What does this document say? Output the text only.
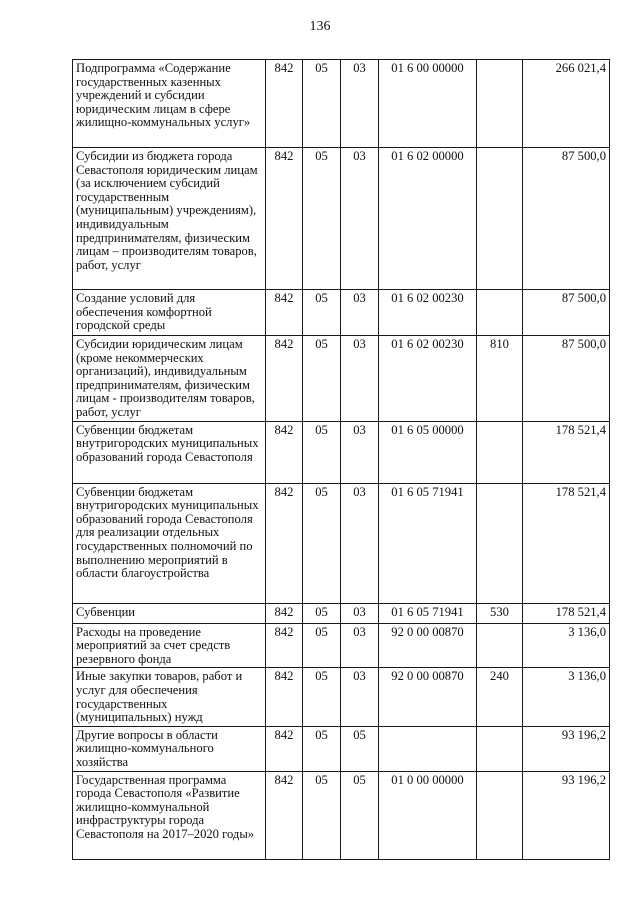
136
Подпрограмма «Содержание государственных казенных учреждений и субсидии юридическим лицам в сфере жилищно-коммунальных услуг»	842	05	03	01 6 00 00000		266 021,4
Субсидии из бюджета города Севастополя юридическим лицам (за исключением субсидий государственным (муниципальным) учреждениям), индивидуальным предпринимателям, физическим лицам – производителям товаров, работ, услуг	842	05	03	01 6 02 00000		87 500,0
Создание условий для обеспечения комфортной городской среды	842	05	03	01 6 02 00230		87 500,0
Субсидии юридическим лицам (кроме некоммерческих организаций), индивидуальным предпринимателям, физическим лицам - производителям товаров, работ, услуг	842	05	03	01 6 02 00230	810	87 500,0
Субвенции бюджетам внутригородских муниципальных образований города Севастополя	842	05	03	01 6 05 00000		178 521,4
Субвенции бюджетам внутригородских муниципальных образований города Севастополя для реализации отдельных государственных полномочий по выполнению мероприятий в области благоустройства	842	05	03	01 6 05 71941		178 521,4
Субвенции	842	05	03	01 6 05 71941	530	178 521,4
Расходы на проведение мероприятий за счет средств резервного фонда	842	05	03	92 0 00 00870		3 136,0
Иные закупки товаров, работ и услуг для обеспечения государственных (муниципальных) нужд	842	05	03	92 0 00 00870	240	3 136,0
Другие вопросы в области жилищно-коммунального хозяйства	842	05	05			93 196,2
Государственная программа города Севастополя «Развитие жилищно-коммунальной инфраструктуры города Севастополя на 2017–2020 годы»	842	05	05	01 0 00 00000		93 196,2
